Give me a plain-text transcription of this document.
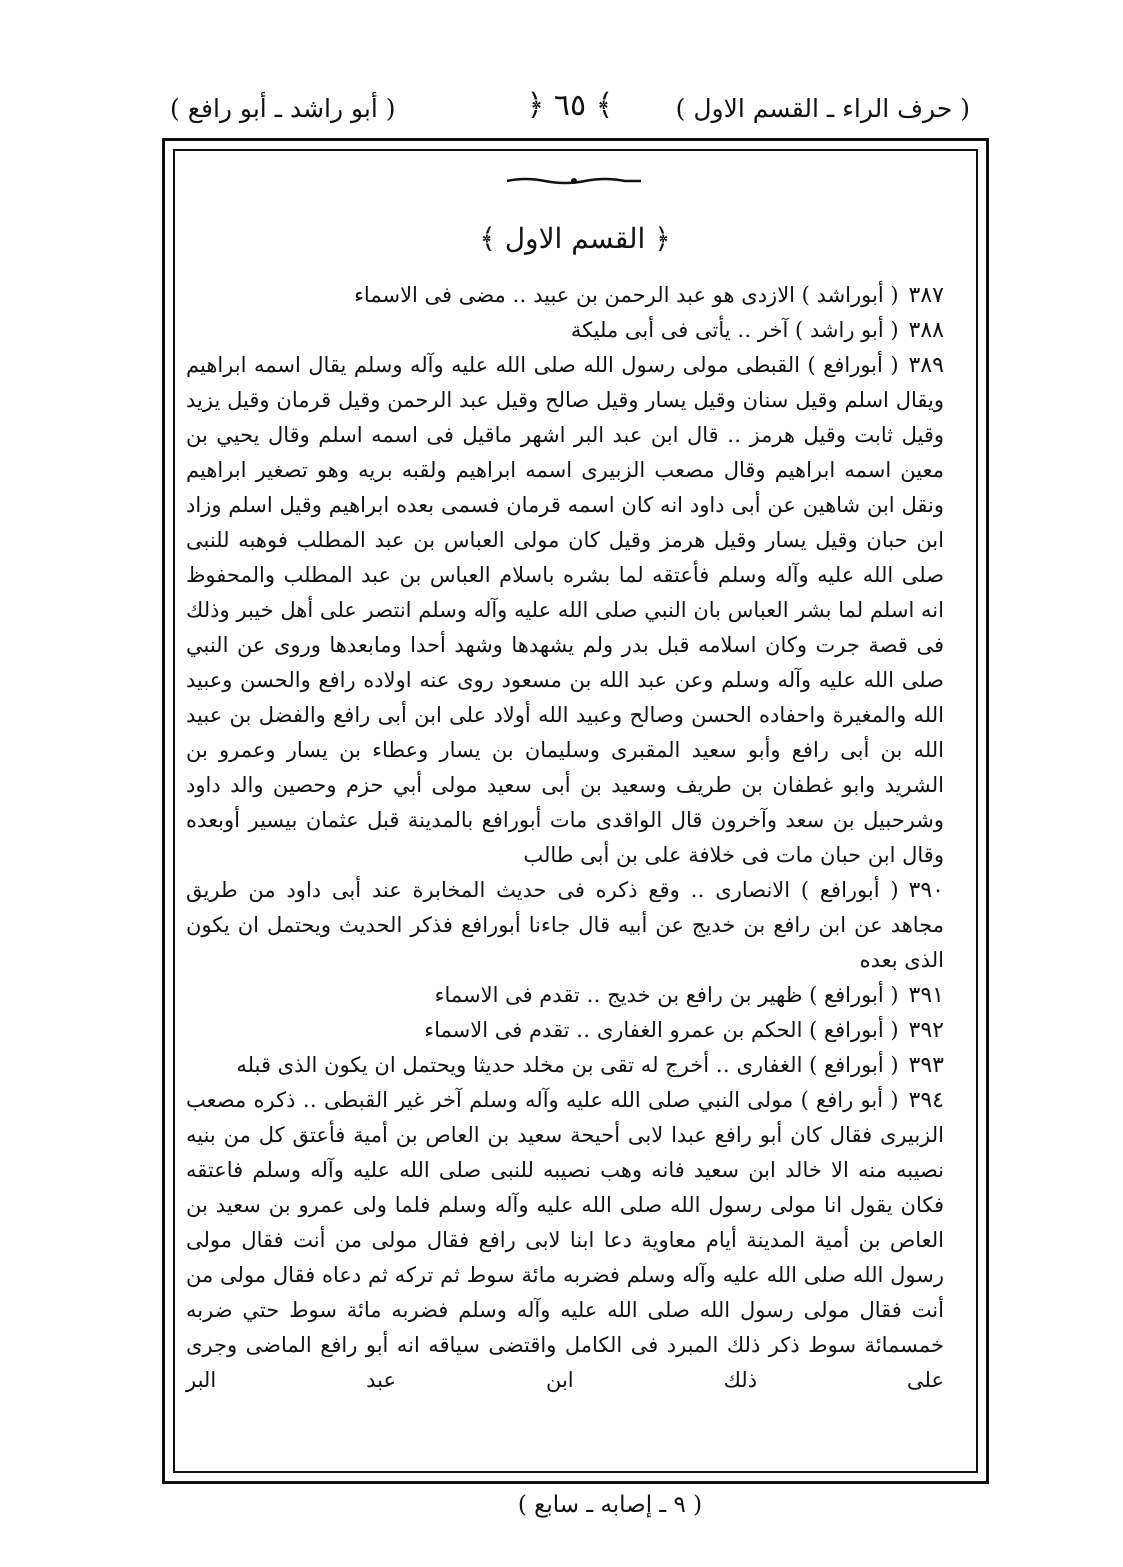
( حرف الراء ـ القسم الاول )
﴿ ٦٥ ﴾
( أبو راشد ـ أبو رافع )
﴿ القسم الاول ﴾

٣٨٧( أبوراشد ) الازدى هو عبد الرحمن بن عبيد ‥ مضى فى الاسماء

٣٨٨( أبو راشد ) آخر ‥ يأتى فى أبى مليكة

٣٨٩( أبورافع ) القبطى مولى رسول الله صلى الله عليه وآله وسلم يقال اسمه ابراهيم ويقال اسلم وقيل سنان وقيل يسار وقيل صالح وقيل عبد الرحمن وقيل قرمان وقيل يزيد وقيل ثابت وقيل هرمز ‥ قال ابن عبد البر اشهر ماقيل فى اسمه اسلم وقال يحيي بن معين اسمه ابراهيم وقال مصعب الزبيرى اسمه ابراهيم ولقبه بريه وهو تصغير ابراهيم ونقل ابن شاهين عن أبى داود انه كان اسمه قرمان فسمى بعده ابراهيم وقيل اسلم وزاد ابن حبان وقيل يسار وقيل هرمز وقيل كان مولى العباس بن عبد المطلب فوهبه للنبى صلى الله عليه وآله وسلم فأعتقه لما بشره باسلام العباس بن عبد المطلب والمحفوظ انه اسلم لما بشر العباس بان النبي صلى الله عليه وآله وسلم انتصر على أهل خيبر وذلك فى قصة جرت وكان اسلامه قبل بدر ولم يشهدها وشهد أحدا ومابعدها وروى عن النبي صلى الله عليه وآله وسلم وعن عبد الله بن مسعود روى عنه اولاده رافع والحسن وعبيد الله والمغيرة واحفاده الحسن وصالح وعبيد الله أولاد على ابن أبى رافع والفضل بن عبيد الله بن أبى رافع وأبو سعيد المقبرى وسليمان بن يسار وعطاء بن يسار وعمرو بن الشريد وابو غطفان بن طريف وسعيد بن أبى سعيد مولى أبي حزم وحصين والد داود وشرحبيل بن سعد وآخرون قال الواقدى مات أبورافع بالمدينة قبل عثمان بيسير أوبعده وقال ابن حبان مات فى خلافة على بن أبى طالب

٣٩٠( أبورافع ) الانصارى ‥ وقع ذكره فى حديث المخابرة عند أبى داود من طريق مجاهد عن ابن رافع بن خديج عن أبيه قال جاءنا أبورافع فذكر الحديث ويحتمل ان يكون الذى بعده

٣٩١( أبورافع ) ظهير بن رافع بن خديج ‥ تقدم فى الاسماء

٣٩٢( أبورافع ) الحكم بن عمرو الغفارى ‥ تقدم فى الاسماء

٣٩٣( أبورافع ) الغفارى ‥ أخرج له تقى بن مخلد حديثا ويحتمل ان يكون الذى قبله

٣٩٤( أبو رافع ) مولى النبي صلى الله عليه وآله وسلم آخر غير القبطى ‥ ذكره مصعب الزبيرى فقال كان أبو رافع عبدا لابى أحيحة سعيد بن العاص بن أمية فأعتق كل من بنيه نصيبه منه الا خالد ابن سعيد فانه وهب نصيبه للنبى صلى الله عليه وآله وسلم فاعتقه فكان يقول انا مولى رسول الله صلى الله عليه وآله وسلم فلما ولى عمرو بن سعيد بن العاص بن أمية المدينة أيام معاوية دعا ابنا لابى رافع فقال مولى من أنت فقال مولى رسول الله صلى الله عليه وآله وسلم فضربه مائة سوط ثم تركه ثم دعاه فقال مولى من أنت فقال مولى رسول الله صلى الله عليه وآله وسلم فضربه مائة سوط حتي ضربه خمسمائة سوط ذكر ذلك المبرد فى الكامل واقتضى سياقه انه أبو رافع الماضى وجرى على ذلك ابن عبد البر

( ٩ ـ إصابه ـ سابع )
